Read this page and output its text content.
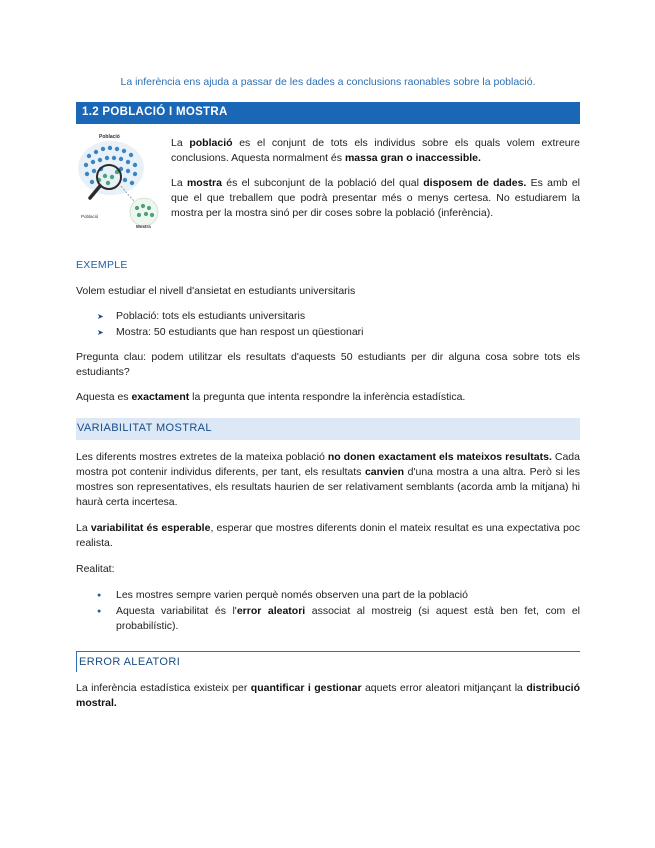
La inferència ens ajuda a passar de les dades a conclusions raonables sobre la població.
1.2 POBLACIÓ I MOSTRA
Població
Població
Mostra

La població es el conjunt de tots els individus sobre els quals volem extreure conclusions. Aquesta normalment és massa gran o inaccessible.

La mostra és el subconjunt de la població del qual disposem de dades. Es amb el que el que treballem que podrà presentar més o menys certesa. No estudiarem la mostra per la mostra sinó per dir coses sobre la població (inferència).

EXEMPLE

Volem estudiar el nivell d'ansietat en estudiants universitaris

➤ Població: tots els estudiants universitaris
➤ Mostra: 50 estudiants que han respost un qüestionari

Pregunta clau: podem utilitzar els resultats d'aquests 50 estudiants per dir alguna cosa sobre tots els estudiants?

Aquesta es exactament la pregunta que intenta respondre la inferència estadística.

VARIABILITAT MOSTRAL

Les diferents mostres extretes de la mateixa població no donen exactament els mateixos resultats. Cada mostra pot contenir individus diferents, per tant, els resultats canvien d'una mostra a una altra. Però si les mostres son representatives, els resultats haurien de ser relativament semblants (acorda amb la mitjana) hi haurà certa incertesa.

La variabilitat és esperable, esperar que mostres diferents donin el mateix resultat es una expectativa poc realista.

Realitat:

● Les mostres sempre varien perquè només observen una part de la població
● Aquesta variabilitat és l'error aleatori associat al mostreig (si aquest està ben fet, com el probabilístic).
ERROR ALEATORI

La inferència estadística existeix per quantificar i gestionar aquets error aleatori mitjançant la distribució mostral.
